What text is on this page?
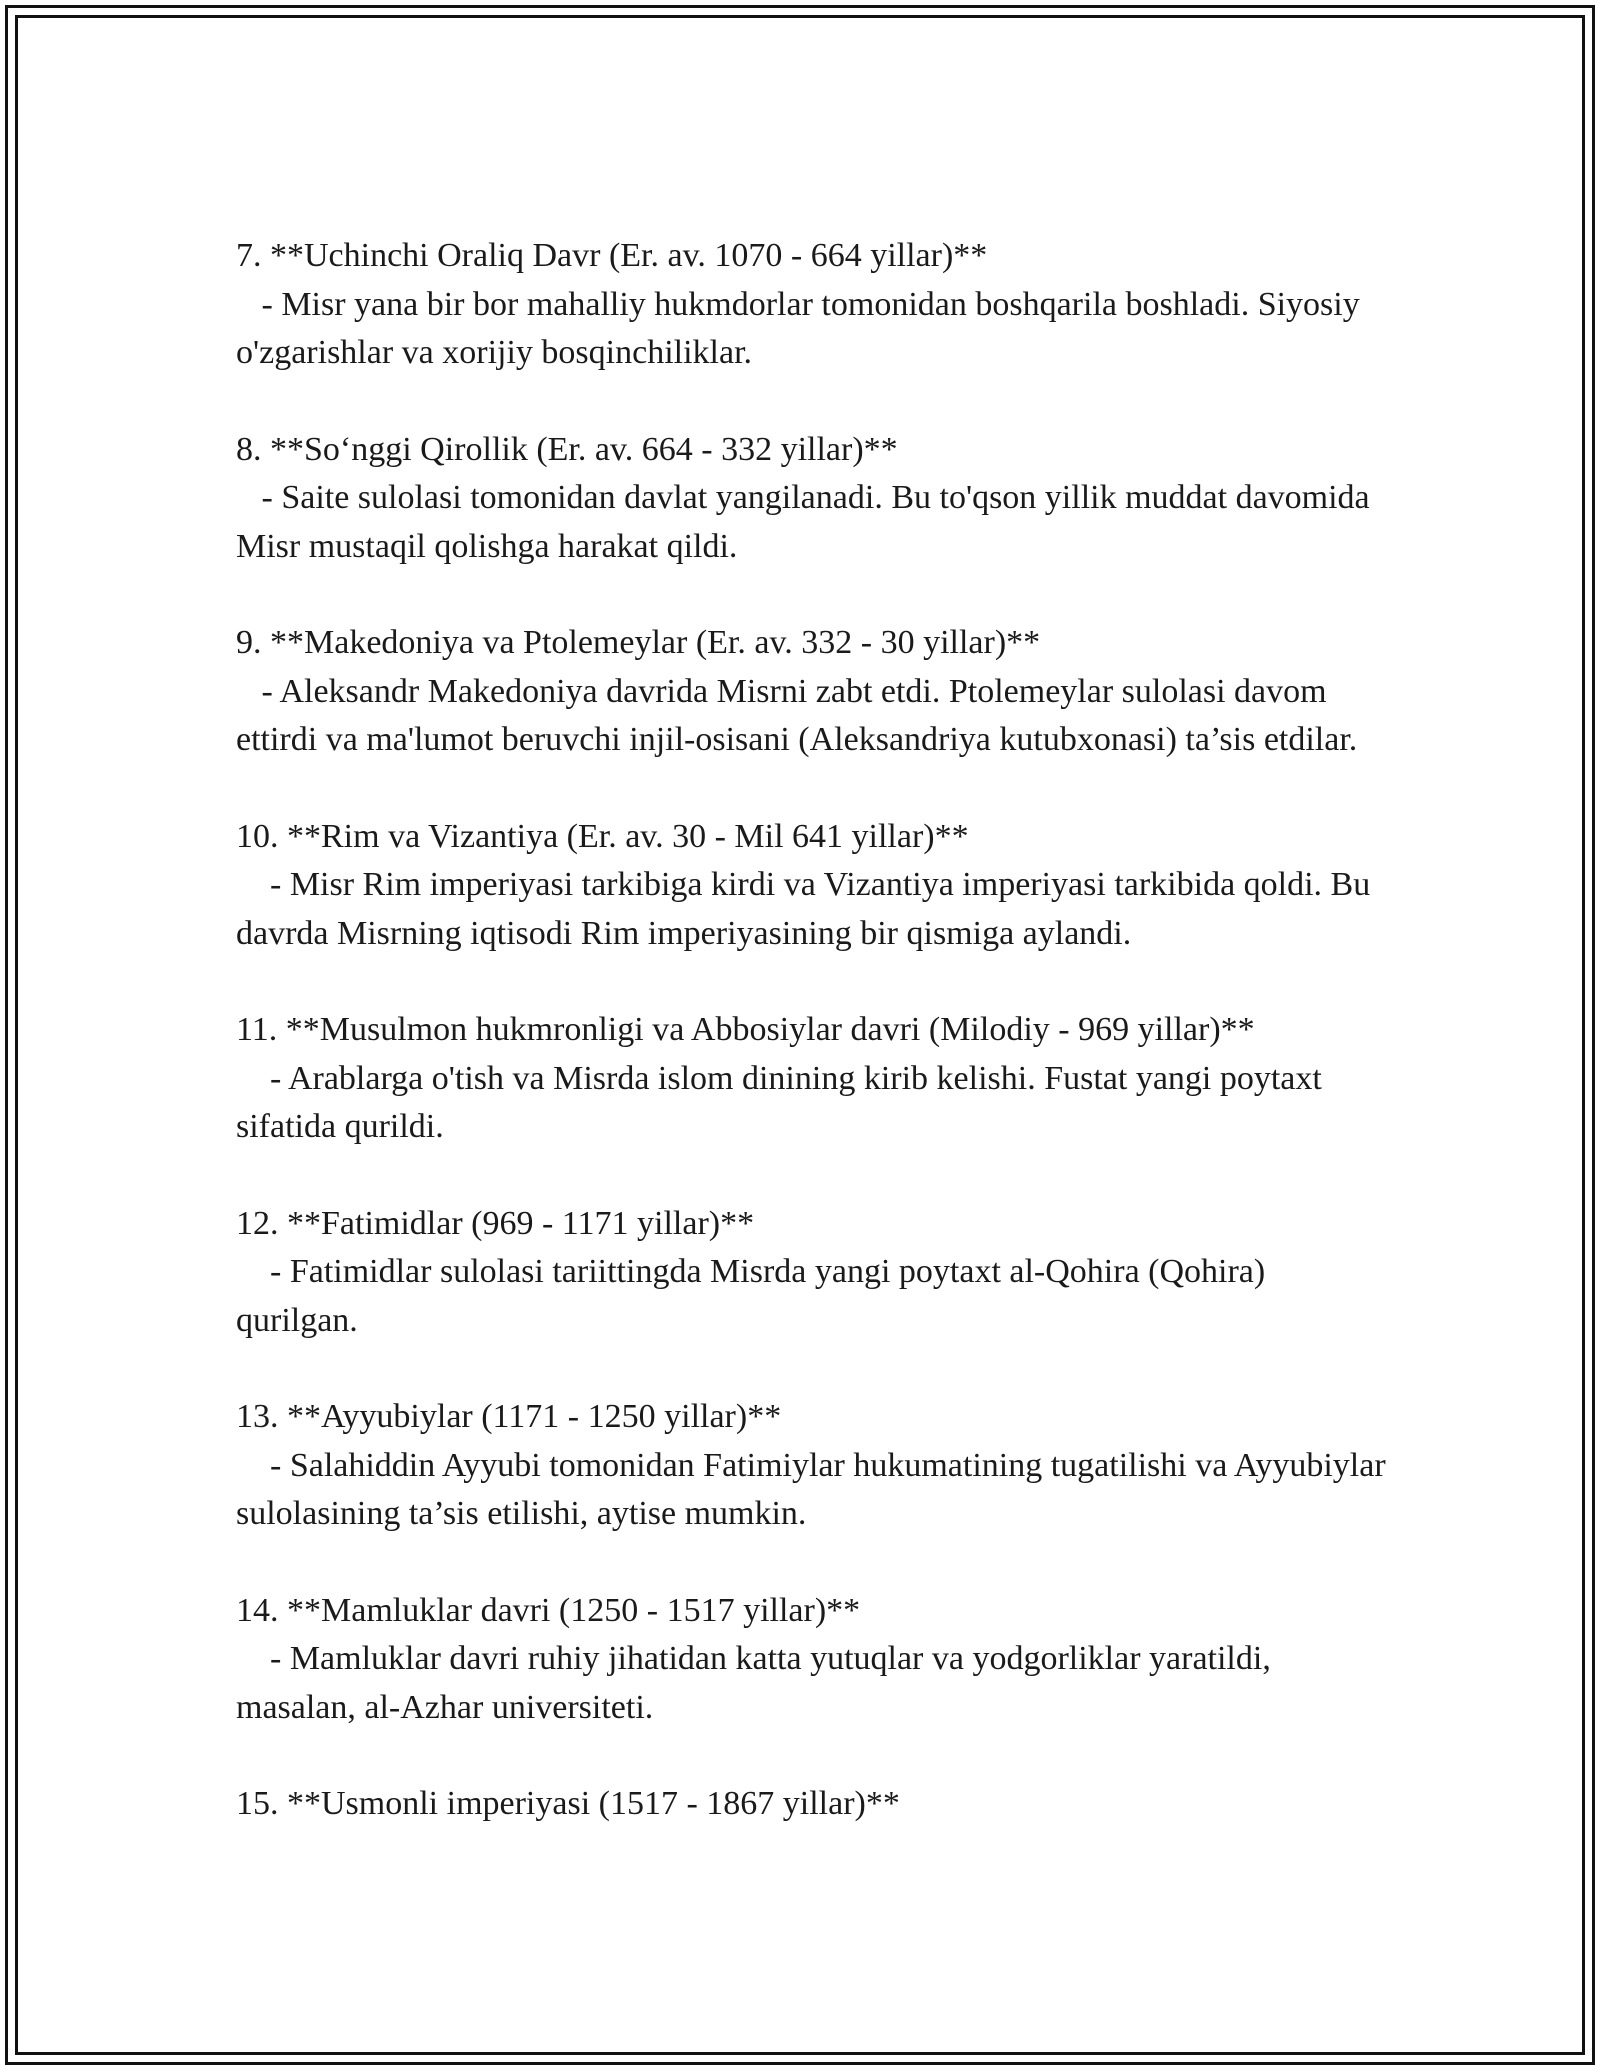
7. **Uchinchi Oraliq Davr (Er. av. 1070 - 664 yillar)**

- Misr yana bir bor mahalliy hukmdorlar tomonidan boshqarila boshladi. Siyosiy o'zgarishlar va xorijiy bosqinchiliklar.

8. **So‘nggi Qirollik (Er. av. 664 - 332 yillar)**

- Saite sulolasi tomonidan davlat yangilanadi. Bu to'qson yillik muddat davomida Misr mustaqil qolishga harakat qildi.

9. **Makedoniya va Ptolemeylar (Er. av. 332 - 30 yillar)**

- Aleksandr Makedoniya davrida Misrni zabt etdi. Ptolemeylar sulolasi davom ettirdi va ma'lumot beruvchi injil-osisani (Aleksandriya kutubxonasi) ta’sis etdilar.

10. **Rim va Vizantiya (Er. av. 30 - Mil 641 yillar)**

- Misr Rim imperiyasi tarkibiga kirdi va Vizantiya imperiyasi tarkibida qoldi. Bu davrda Misrning iqtisodi Rim imperiyasining bir qismiga aylandi.

11. **Musulmon hukmronligi va Abbosiylar davri (Milodiy - 969 yillar)**

- Arablarga o'tish va Misrda islom dinining kirib kelishi. Fustat yangi poytaxt sifatida qurildi.

12. **Fatimidlar (969 - 1171 yillar)**

- Fatimidlar sulolasi tariittingda Misrda yangi poytaxt al-Qohira (Qohira) qurilgan.

13. **Ayyubiylar (1171 - 1250 yillar)**

- Salahiddin Ayyubi tomonidan Fatimiylar hukumatining tugatilishi va Ayyubiylar sulolasining ta’sis etilishi, aytise mumkin.

14. **Mamluklar davri (1250 - 1517 yillar)**

- Mamluklar davri ruhiy jihatidan katta yutuqlar va yodgorliklar yaratildi, masalan, al-Azhar universiteti.

15. **Usmonli imperiyasi (1517 - 1867 yillar)**
